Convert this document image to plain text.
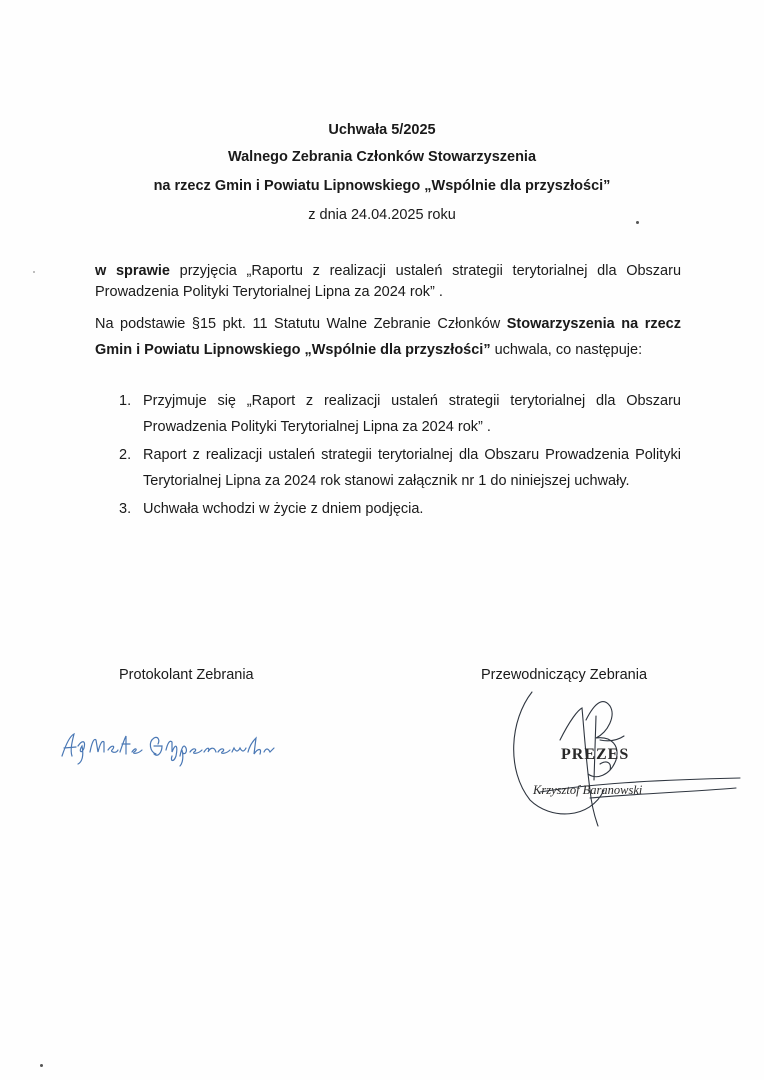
Uchwała 5/2025
Walnego Zebrania Członków Stowarzyszenia
na rzecz Gmin i Powiatu Lipnowskiego „Wspólnie dla przyszłości”
z dnia 24.04.2025 roku
w sprawie przyjęcia „Raportu z realizacji ustaleń strategii terytorialnej dla Obszaru Prowadzenia Polityki Terytorialnej Lipna za 2024 rok” .
Na podstawie §15 pkt. 11 Statutu Walne Zebranie Członków Stowarzyszenia na rzecz Gmin i Powiatu Lipnowskiego „Wspólnie dla przyszłości” uchwala, co następuje:
1. Przyjmuje się „Raport z realizacji ustaleń strategii terytorialnej dla Obszaru Prowadzenia Polityki Terytorialnej Lipna za 2024 rok” .
2. Raport z realizacji ustaleń strategii terytorialnej dla Obszaru Prowadzenia Polityki Terytorialnej Lipna za 2024 rok stanowi załącznik nr 1 do niniejszej uchwały.
3. Uchwała wchodzi w życie z dniem podjęcia.
Protokolant Zebrania	Przewodniczący Zebrania
PREZES
Krzysztof Baranowski
